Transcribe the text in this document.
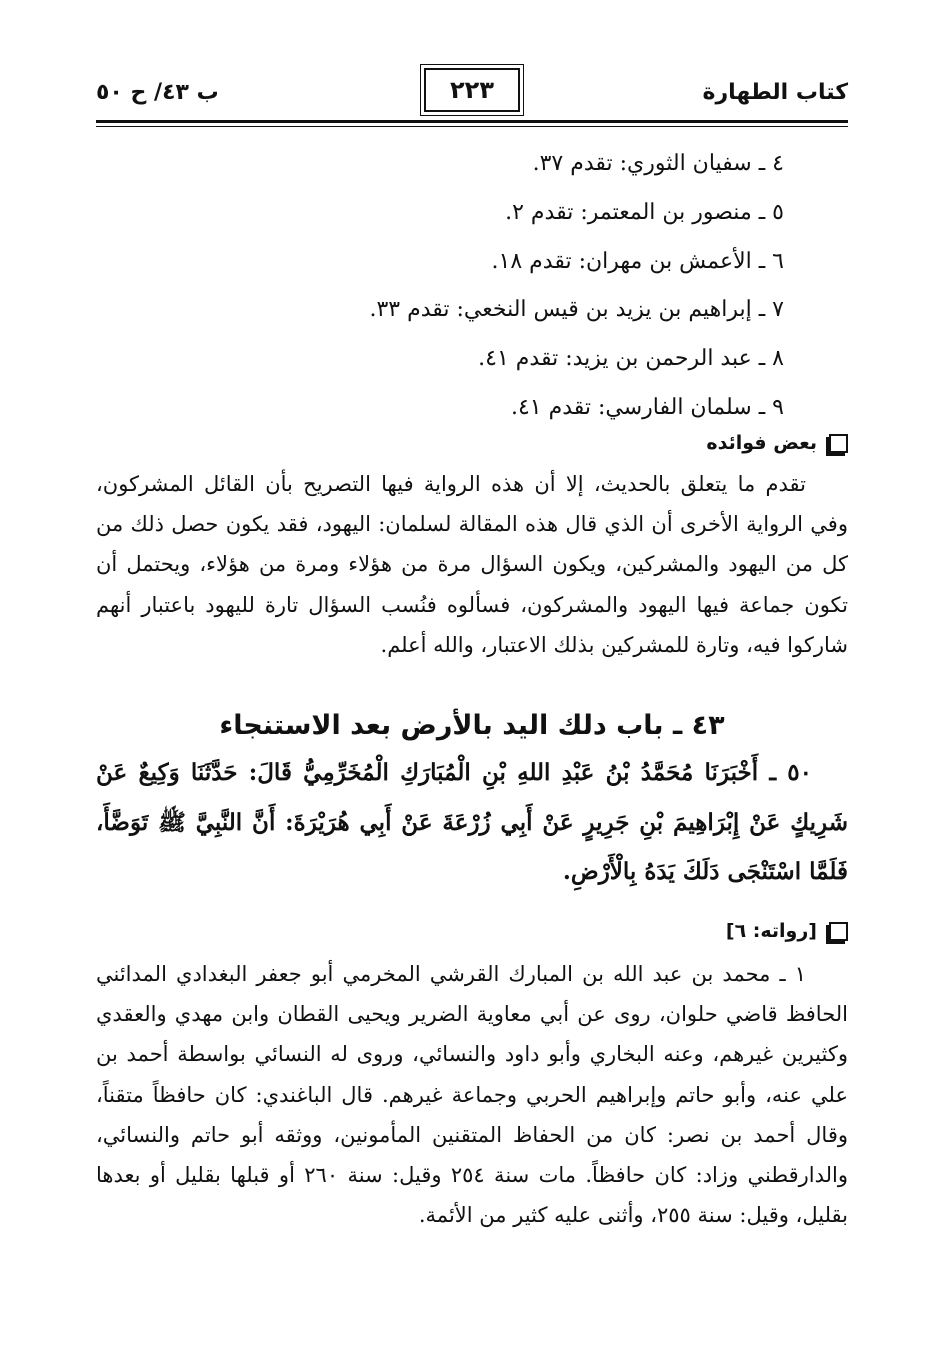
كتاب الطهارة
٢٢٣
ب ٤٣/ ح ٥٠
٤ ـ سفيان الثوري: تقدم ٣٧.
٥ ـ منصور بن المعتمر: تقدم ٢.
٦ ـ الأعمش بن مهران: تقدم ١٨.
٧ ـ إبراهيم بن يزيد بن قيس النخعي: تقدم ٣٣.
٨ ـ عبد الرحمن بن يزيد: تقدم ٤١.
٩ ـ سلمان الفارسي: تقدم ٤١.
بعض فوائده

تقدم ما يتعلق بالحديث، إلا أن هذه الرواية فيها التصريح بأن القائل المشركون، وفي الرواية الأخرى أن الذي قال هذه المقالة لسلمان: اليهود، فقد يكون حصل ذلك من كل من اليهود والمشركين، ويكون السؤال مرة من هؤلاء ومرة من هؤلاء، ويحتمل أن تكون جماعة فيها اليهود والمشركون، فسألوه فنُسب السؤال تارة لليهود باعتبار أنهم شاركوا فيه، وتارة للمشركين بذلك الاعتبار، والله أعلم.

٤٣ ـ باب دلك اليد بالأرض بعد الاستنجاء

٥٠ ـ أَخْبَرَنَا مُحَمَّدُ بْنُ عَبْدِ اللهِ بْنِ الْمُبَارَكِ الْمُخَرِّمِيُّ قَالَ: حَدَّثَنَا وَكِيعٌ عَنْ شَرِيكٍ عَنْ إِبْرَاهِيمَ بْنِ جَرِيرٍ عَنْ أَبِي زُرْعَةَ عَنْ أَبِي هُرَيْرَةَ: أَنَّ النَّبِيَّ ﷺ تَوَضَّأَ، فَلَمَّا اسْتَنْجَى دَلَكَ يَدَهُ بِالْأَرْضِ.

[رواته: ٦]

١ ـ محمد بن عبد الله بن المبارك القرشي المخرمي أبو جعفر البغدادي المدائني الحافظ قاضي حلوان، روى عن أبي معاوية الضرير ويحيى القطان وابن مهدي والعقدي وكثيرين غيرهم، وعنه البخاري وأبو داود والنسائي، وروى له النسائي بواسطة أحمد بن علي عنه، وأبو حاتم وإبراهيم الحربي وجماعة غيرهم. قال الباغندي: كان حافظاً متقناً، وقال أحمد بن نصر: كان من الحفاظ المتقنين المأمونين، ووثقه أبو حاتم والنسائي، والدارقطني وزاد: كان حافظاً. مات سنة ٢٥٤ وقيل: سنة ٢٦٠ أو قبلها بقليل أو بعدها بقليل، وقيل: سنة ٢٥٥، وأثنى عليه كثير من الأئمة.
